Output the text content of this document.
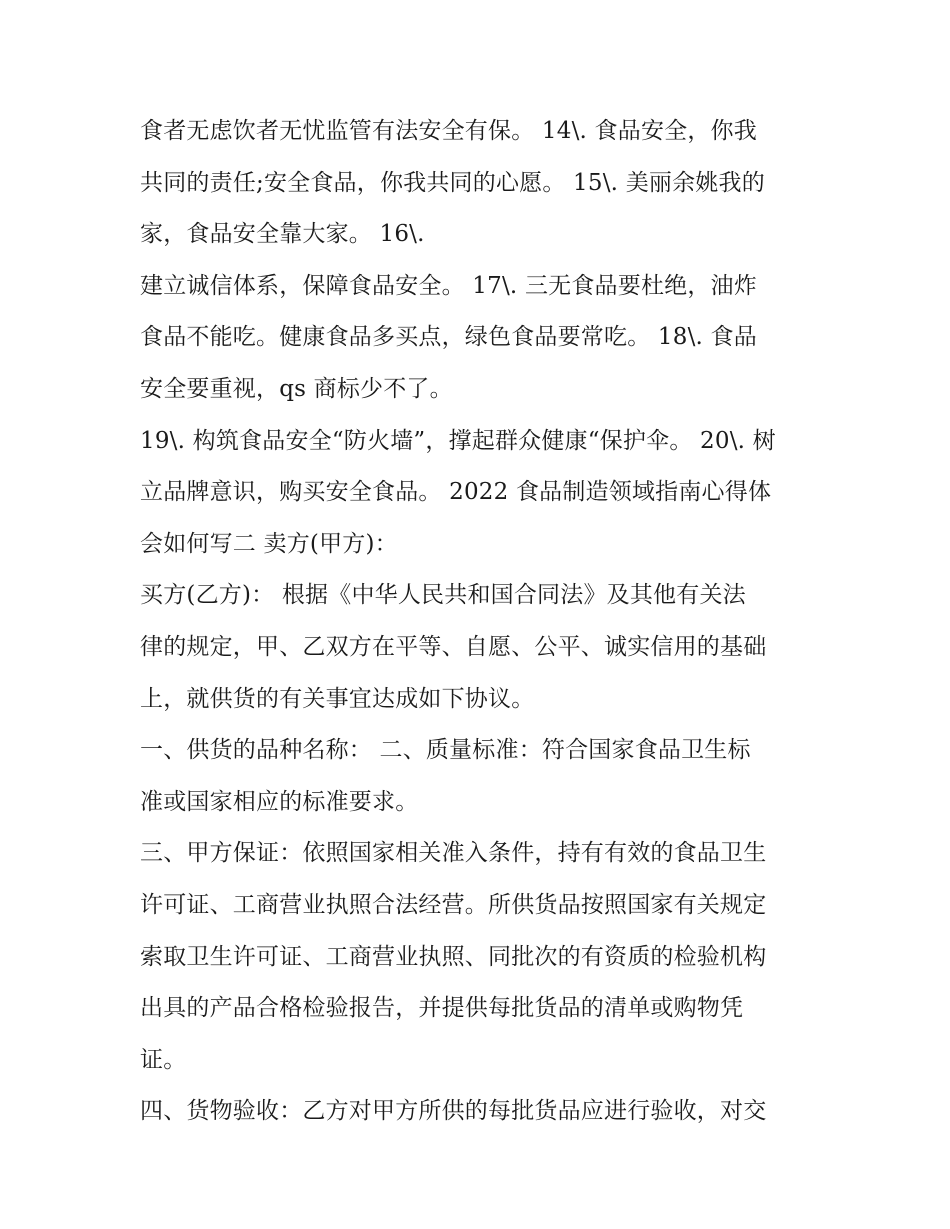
食者无虑饮者无忧监管有法安全有保。 14\. 食品安全，你我
共同的责任;安全食品，你我共同的心愿。 15\. 美丽余姚我的
家，食品安全靠大家。 16\.
建立诚信体系，保障食品安全。 17\. 三无食品要杜绝，油炸
食品不能吃。健康食品多买点，绿色食品要常吃。 18\. 食品
安全要重视，qs 商标少不了。
19\. 构筑食品安全“防火墙”，撑起群众健康“保护伞。 20\. 树
立品牌意识，购买安全食品。 2022 食品制造领域指南心得体
会如何写二 卖方(甲方)：
买方(乙方)： 根据《中华人民共和国合同法》及其他有关法
律的规定，甲、乙双方在平等、自愿、公平、诚实信用的基础
上，就供货的有关事宜达成如下协议。
一、供货的品种名称： 二、质量标准：符合国家食品卫生标
准或国家相应的标准要求。
三、甲方保证：依照国家相关准入条件，持有有效的食品卫生
许可证、工商营业执照合法经营。所供货品按照国家有关规定
索取卫生许可证、工商营业执照、同批次的有资质的检验机构
出具的产品合格检验报告，并提供每批货品的清单或购物凭
证。
四、货物验收：乙方对甲方所供的每批货品应进行验收，对交
